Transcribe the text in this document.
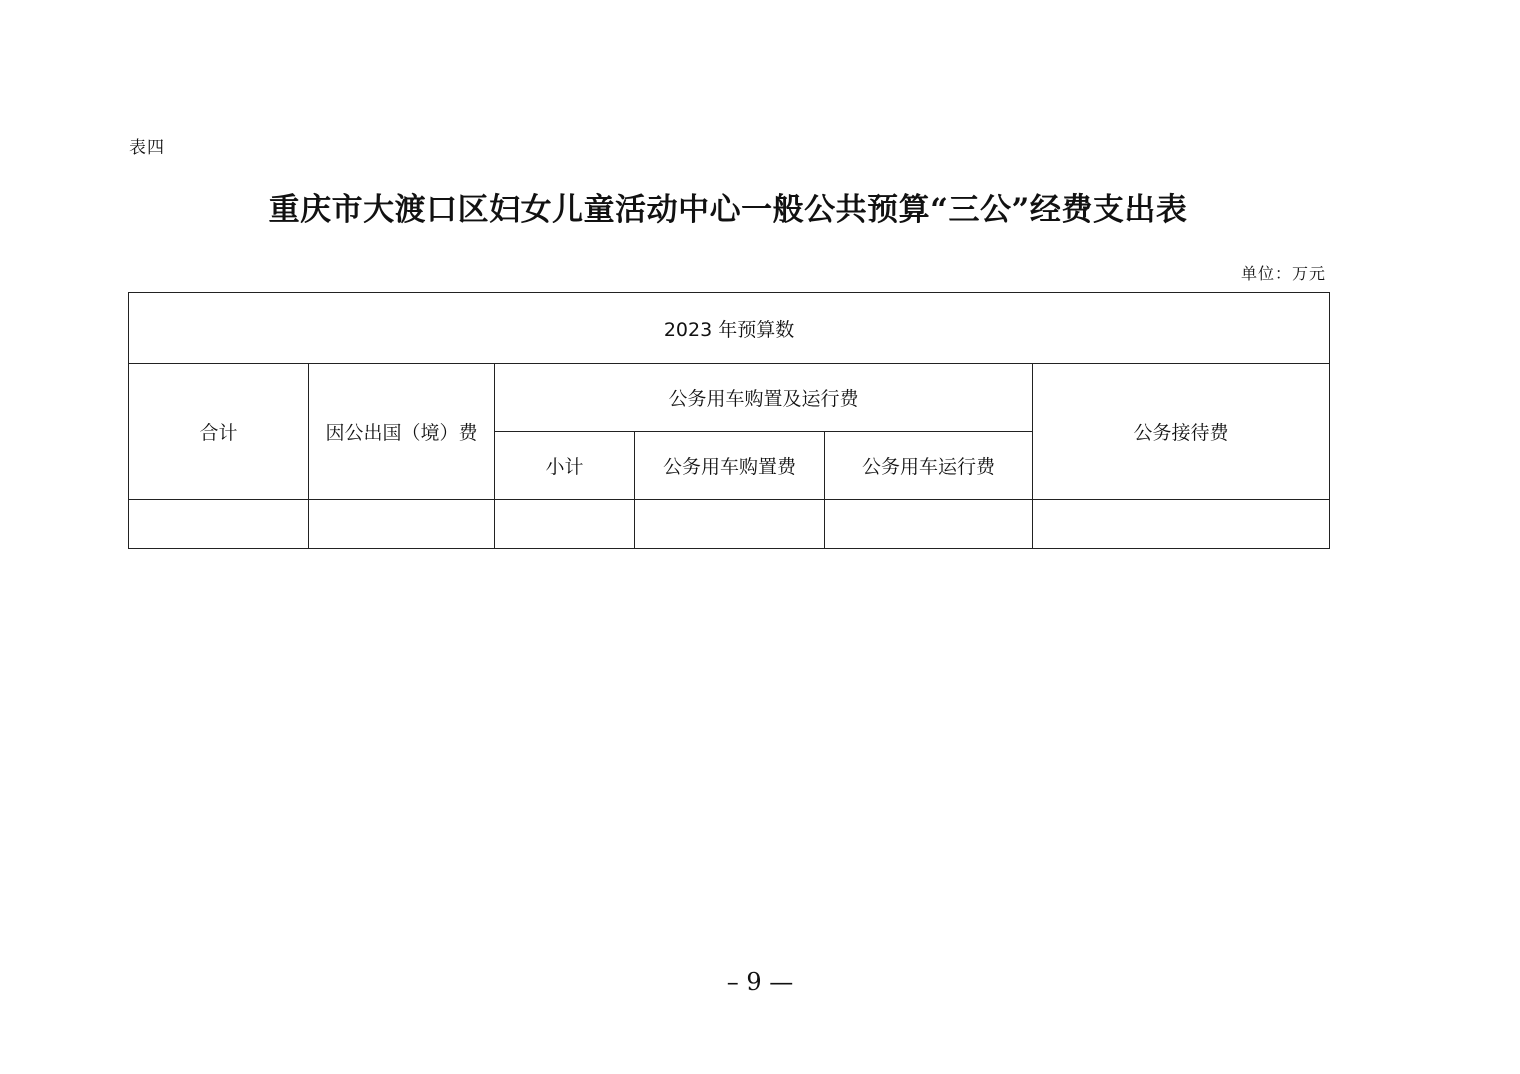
表四
重庆市大渡口区妇女儿童活动中心一般公共预算“三公”经费支出表
单位：万元
2023 年预算数					
合计	因公出国（境）费	公务用车购置及运行费			公务接待费
		小计	公务用车购置费	公务用车运行费	

– 9 —
